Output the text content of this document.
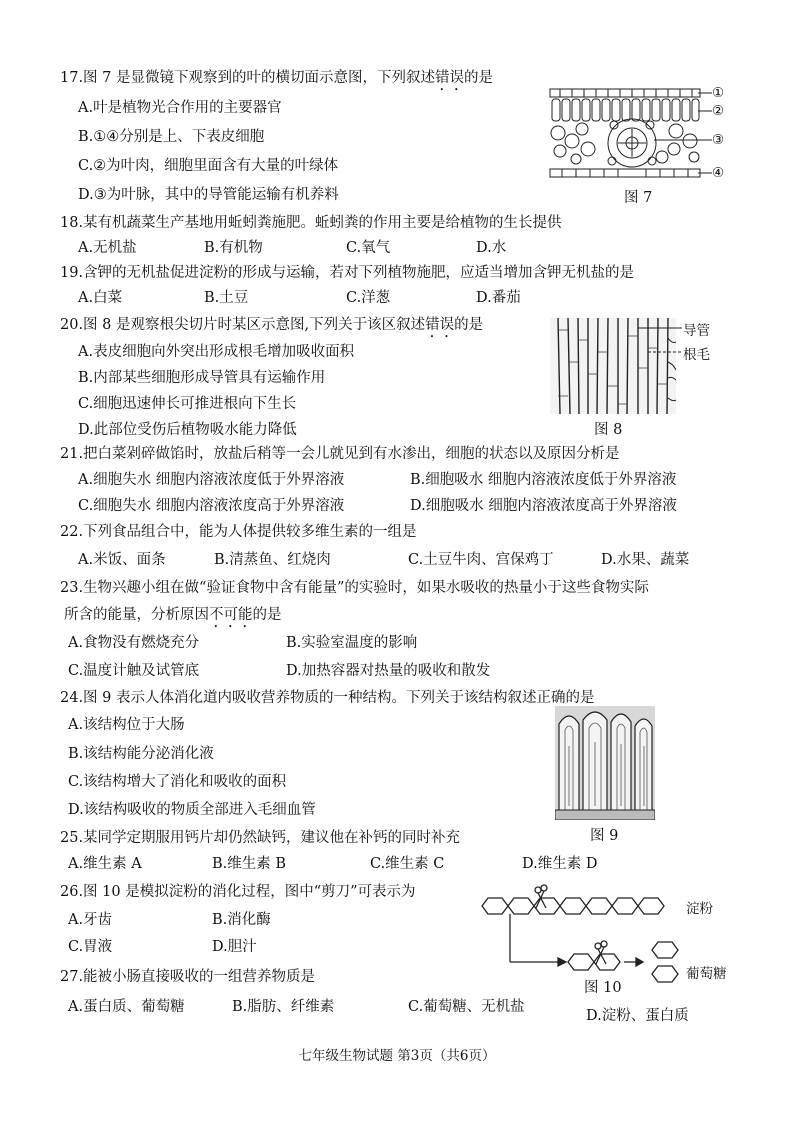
17.图 7 是显微镜下观察到的叶的横切面示意图，下列叙述错误的是
A.叶是植物光合作用的主要器官
B.①④分别是上、下表皮细胞
C.②为叶肉，细胞里面含有大量的叶绿体
D.③为叶脉，其中的导管能运输有机养料
①
②
③
④
图 7
18.某有机蔬菜生产基地用蚯蚓粪施肥。蚯蚓粪的作用主要是给植物的生长提供
A.无机盐	B.有机物	C.氧气	D.水
19.含钾的无机盐促进淀粉的形成与运输，若对下列植物施肥，应适当增加含钾无机盐的是
A.白菜	B.土豆	C.洋葱	D.番茄
20.图 8 是观察根尖切片时某区示意图,下列关于该区叙述错误的是
A.表皮细胞向外突出形成根毛增加吸收面积
B.内部某些细胞形成导管具有运输作用
C.细胞迅速伸长可推进根向下生长
D.此部位受伤后植物吸水能力降低
导管
根毛
图 8
21.把白菜剁碎做馅时，放盐后稍等一会儿就见到有水渗出，细胞的状态以及原因分析是
A.细胞失水 细胞内溶液浓度低于外界溶液	B.细胞吸水 细胞内溶液浓度低于外界溶液
C.细胞失水 细胞内溶液浓度高于外界溶液	D.细胞吸水 细胞内溶液浓度高于外界溶液
22.下列食品组合中，能为人体提供较多维生素的一组是
A.米饭、面条	B.清蒸鱼、红烧肉	C.土豆牛肉、宫保鸡丁	D.水果、蔬菜
23.生物兴趣小组在做“验证食物中含有能量”的实验时，如果水吸收的热量小于这些食物实际
所含的能量，分析原因不可能的是
A.食物没有燃烧充分	B.实验室温度的影响
C.温度计触及试管底	D.加热容器对热量的吸收和散发
24.图 9 表示人体消化道内吸收营养物质的一种结构。下列关于该结构叙述正确的是
A.该结构位于大肠
B.该结构能分泌消化液
C.该结构增大了消化和吸收的面积
D.该结构吸收的物质全部进入毛细血管
图 9
25.某同学定期服用钙片却仍然缺钙，建议他在补钙的同时补充
A.维生素 A	B.维生素 B	C.维生素 C	D.维生素 D
26.图 10 是模拟淀粉的消化过程，图中“剪刀”可表示为
A.牙齿	B.消化酶
C.胃液	D.胆汁
淀粉
葡萄糖
图 10
27.能被小肠直接吸收的一组营养物质是
A.蛋白质、葡萄糖	B.脂肪、纤维素	C.葡萄糖、无机盐
D.淀粉、蛋白质
七年级生物试题 第3页（共6页）
